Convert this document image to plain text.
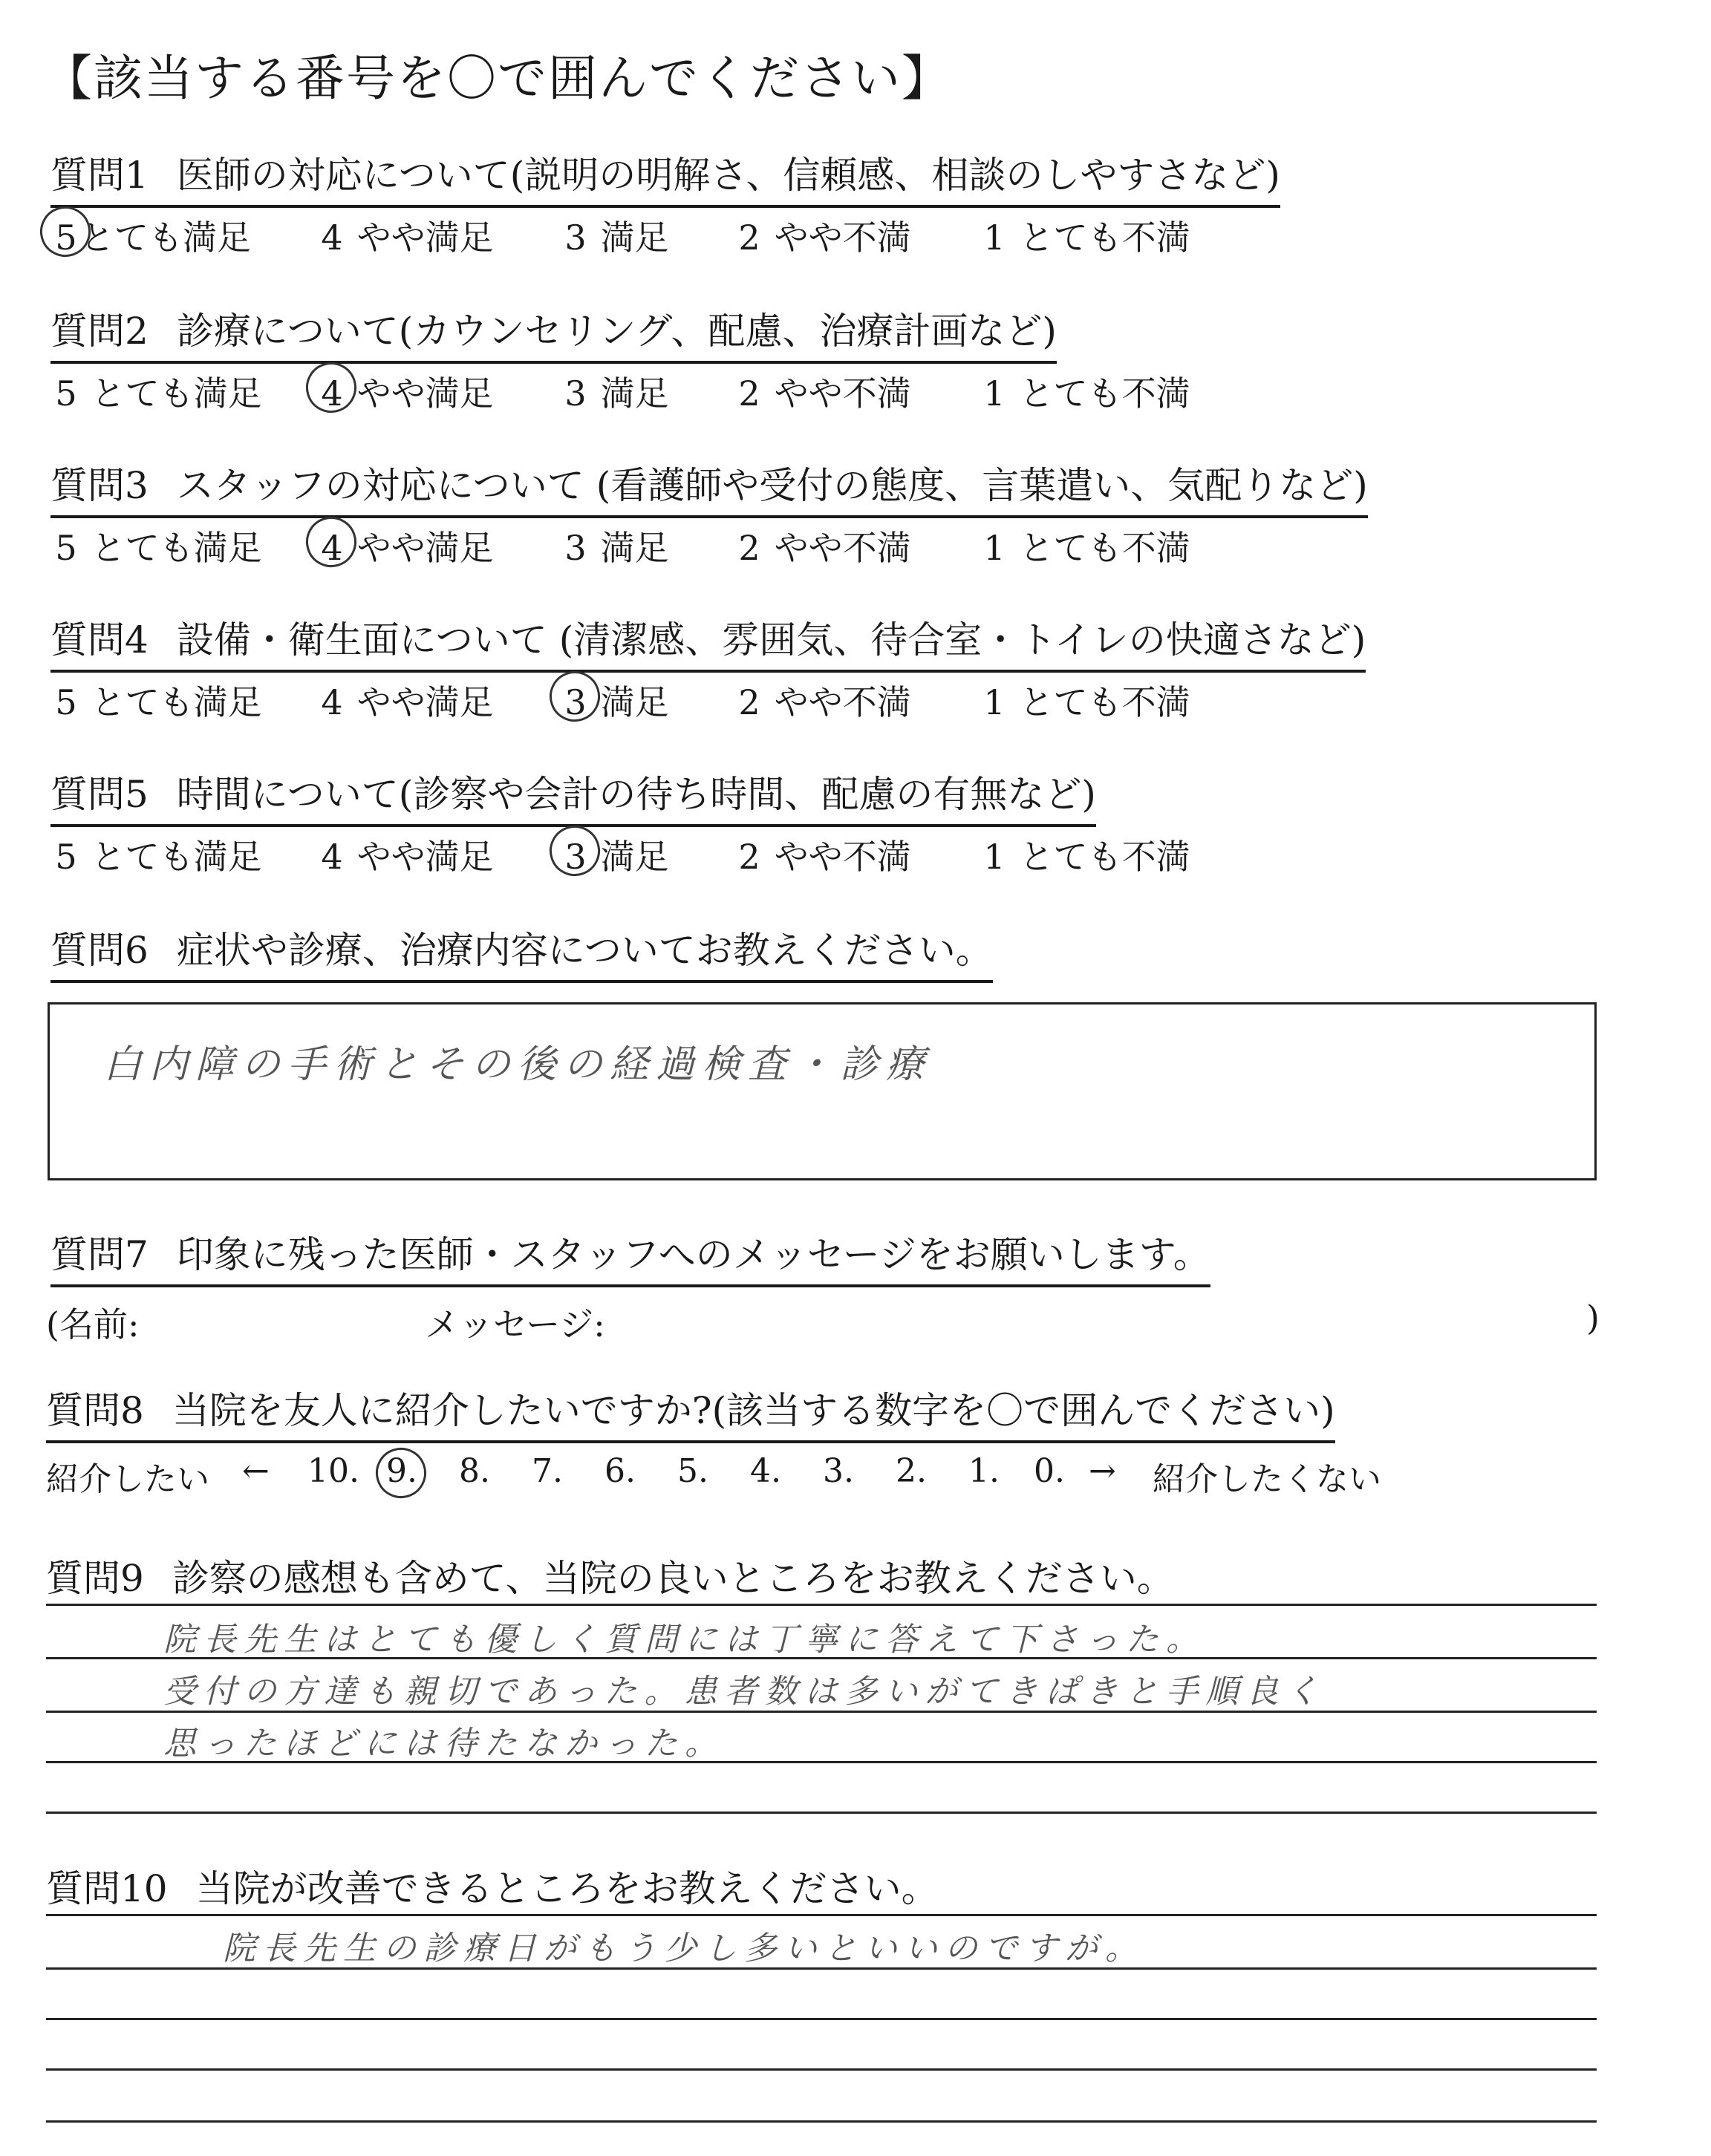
【該当する番号を〇で囲んでください】
質問1 医師の対応について(説明の明解さ、信頼感、相談のしやすさなど)
5
とても満足 4 やや満足 3 満足 2 やや不満 1 とても不満
質問2 診療について(カウンセリング、配慮、治療計画など)
5 とても満足 4 やや満足 3 満足 2 やや不満 1 とても不満
質問3 スタッフの対応について (看護師や受付の態度、言葉遣い、気配りなど)
5 とても満足 4 やや満足 3 満足 2 やや不満 1 とても不満
質問4 設備・衛生面について (清潔感、雰囲気、待合室・トイレの快適さなど)
5 とても満足 4 やや満足 3 満足 2 やや不満 1 とても不満
質問5 時間について(診察や会計の待ち時間、配慮の有無など)
5 とても満足 4 やや満足 3 満足 2 やや不満 1 とても不満
質問6 症状や診療、治療内容についてお教えください。
白内障の手術とその後の経過検査・診療
質問7 印象に残った医師・スタッフへのメッセージをお願いします。
(名前:	メッセージ:	)
質問8 当院を友人に紹介したいですか?(該当する数字を〇で囲んでください)
紹介したい ← 10. 9. 8. 7. 6. 5. 4. 3. 2. 1. 0. → 紹介したくない
質問9 診察の感想も含めて、当院の良いところをお教えください。
院長先生はとても優しく質問には丁寧に答えて下さった。
受付の方達も親切であった。患者数は多いがてきぱきと手順良く
思ったほどには待たなかった。
質問10 当院が改善できるところをお教えください。
院長先生の診療日がもう少し多いといいのですが。
